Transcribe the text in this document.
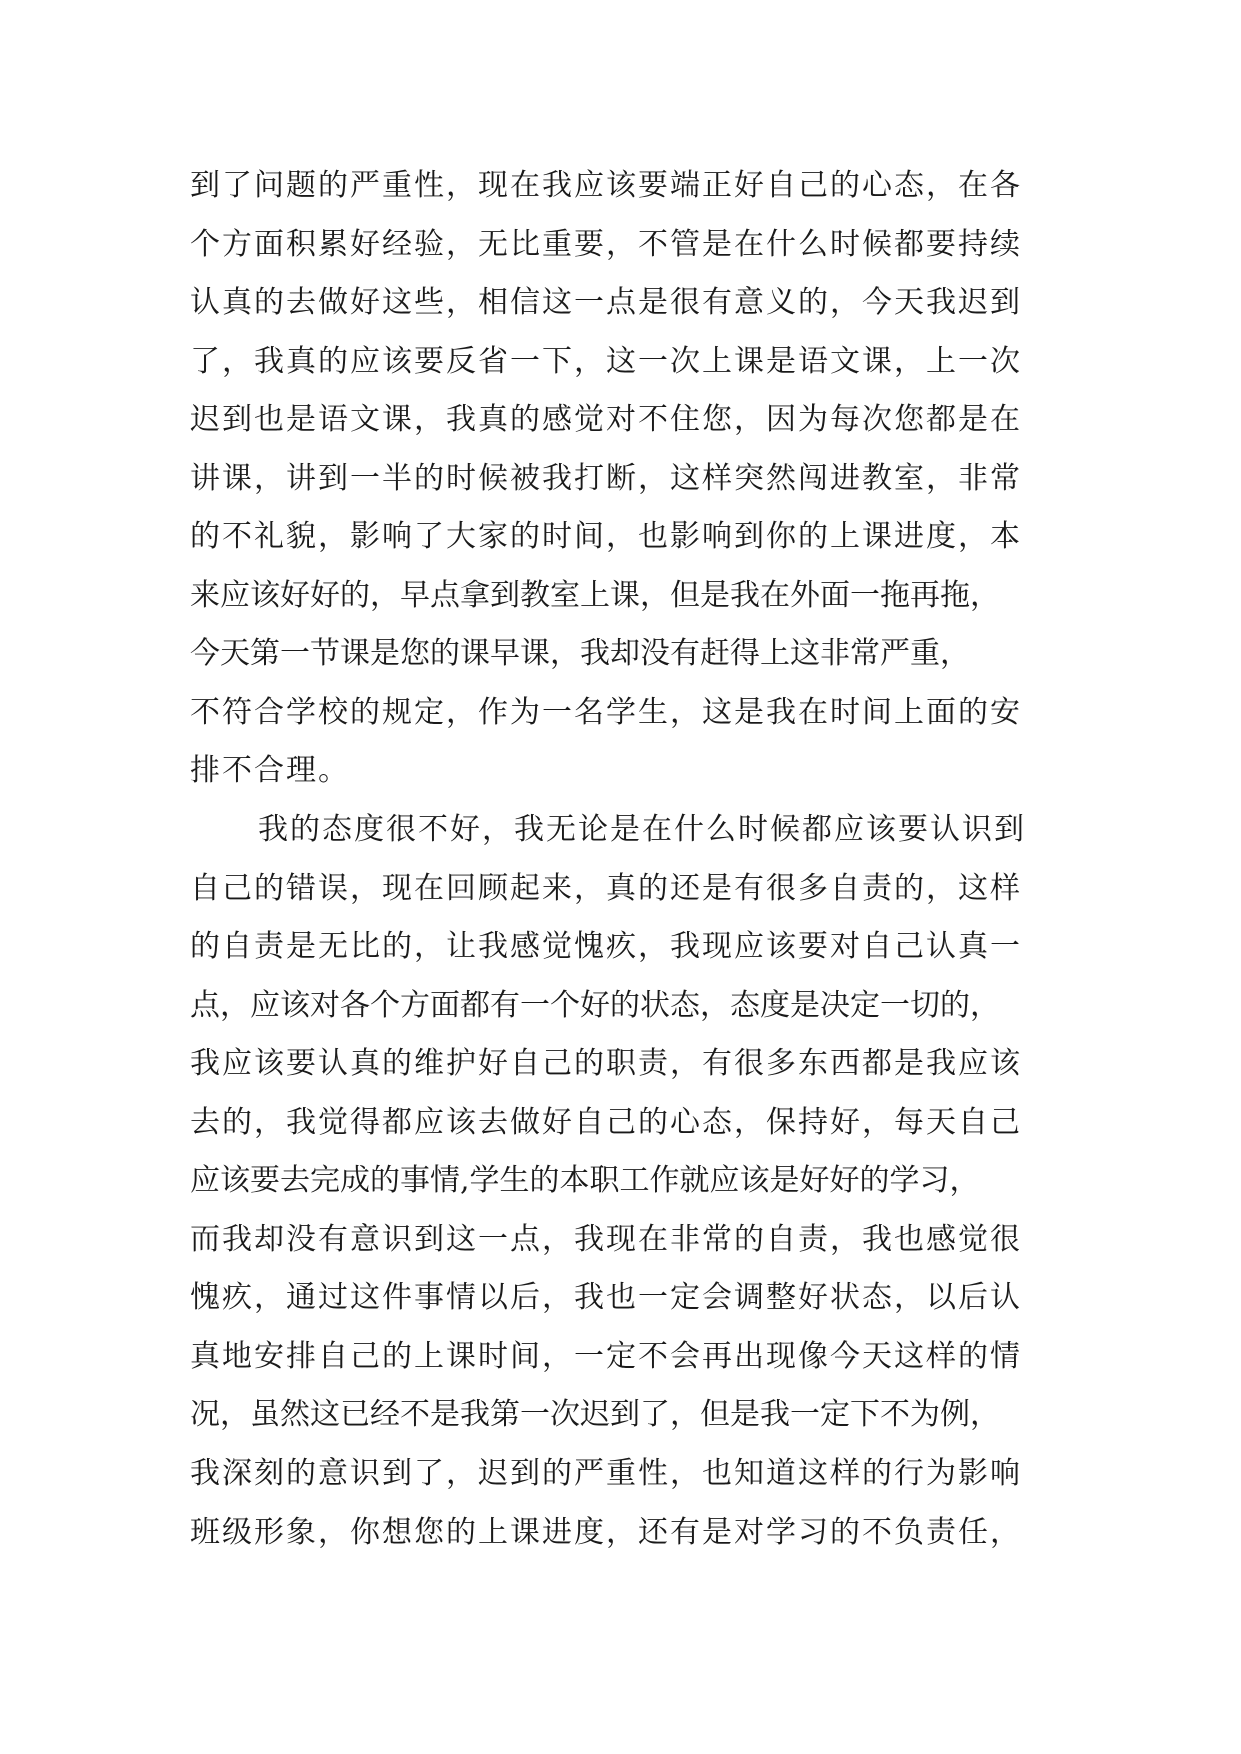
到了问题的严重性，现在我应该要端正好自己的心态，在各
个方面积累好经验，无比重要，不管是在什么时候都要持续
认真的去做好这些，相信这一点是很有意义的，今天我迟到
了，我真的应该要反省一下，这一次上课是语文课，上一次
迟到也是语文课，我真的感觉对不住您，因为每次您都是在
讲课，讲到一半的时候被我打断，这样突然闯进教室，非常
的不礼貌，影响了大家的时间，也影响到你的上课进度，本
来应该好好的，早点拿到教室上课，但是我在外面一拖再拖，
今天第一节课是您的课早课，我却没有赶得上这非常严重，
不符合学校的规定，作为一名学生，这是我在时间上面的安
排不合理。
我的态度很不好，我无论是在什么时候都应该要认识到
自己的错误，现在回顾起来，真的还是有很多自责的，这样
的自责是无比的，让我感觉愧疚，我现应该要对自己认真一
点，应该对各个方面都有一个好的状态，态度是决定一切的，
我应该要认真的维护好自己的职责，有很多东西都是我应该
去的，我觉得都应该去做好自己的心态，保持好，每天自己
应该要去完成的事情,学生的本职工作就应该是好好的学习，
而我却没有意识到这一点，我现在非常的自责，我也感觉很
愧疚，通过这件事情以后，我也一定会调整好状态，以后认
真地安排自己的上课时间，一定不会再出现像今天这样的情
况，虽然这已经不是我第一次迟到了，但是我一定下不为例，
我深刻的意识到了，迟到的严重性，也知道这样的行为影响
班级形象，你想您的上课进度，还有是对学习的不负责任，
